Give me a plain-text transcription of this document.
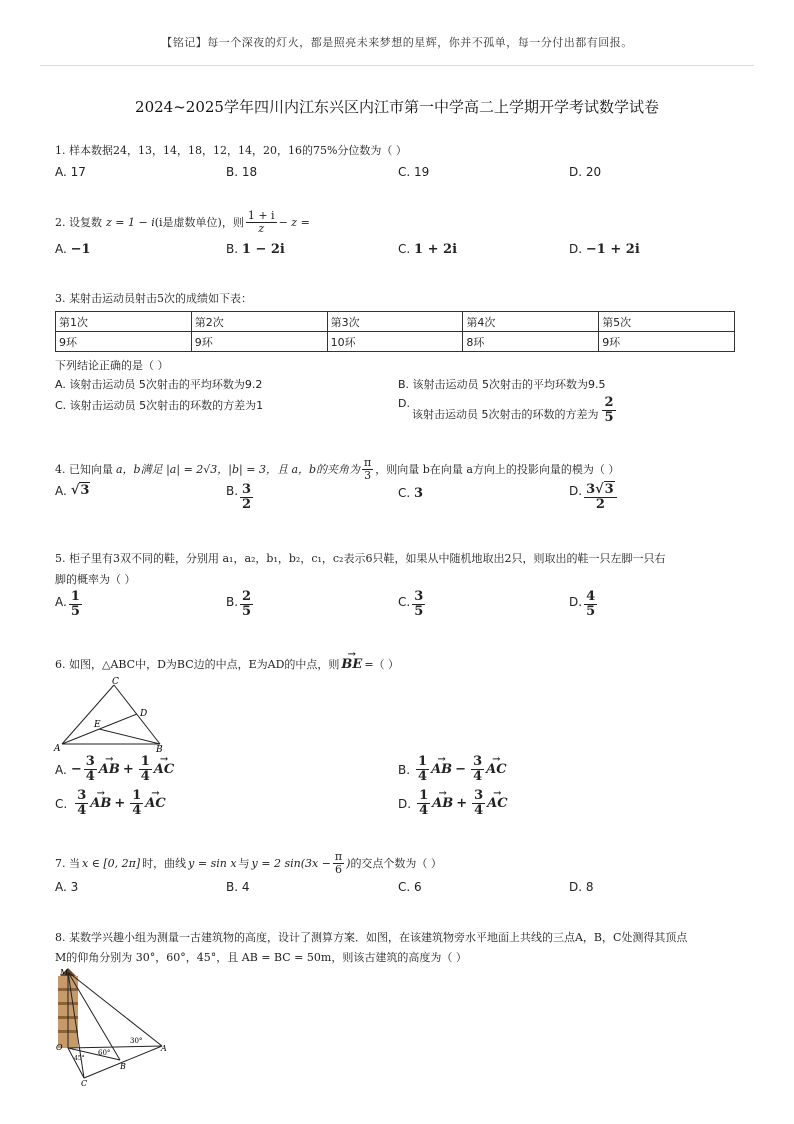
【铭记】每一个深夜的灯火，都是照亮未来梦想的星辉，你并不孤单，每一分付出都有回报。
2024~2025学年四川内江东兴区内江市第一中学高二上学期开学考试数学试卷
1. 样本数据24，13，14，18，12，14，20，16的75%分位数为（ ）
A. 17	B. 18	C. 19	D. 20
2. 设复数 z = 1 − i (i是虚数单位)，则 $\frac{1 + i}{z} - z$ =
A. −1	B. 1 − 2i	C. 1 + 2i	D. −1 + 2i
3. 某射击运动员射击5次的成绩如下表：
第1次	第2次	第3次	第4次	第5次
9环	9环	10环	8环	9环
下列结论正确的是（ ）
A. 该射击运动员 5次射击的平均环数为9.2	B. 该射击运动员 5次射击的平均环数为9.5
C. 该射击运动员 5次射击的环数的方差为1	D.
该射击运动员 5次射击的环数的方差为 $\frac{2}{5}$
4. 已知向量 a，b满足 |a| = 2√3，|b| = 3，且 a，b的夹角为 $\frac{\pi}{3}$ ，则向量 b在向量 a方向上的投影向量的模为（ ）
A. √3	B. $\frac{3}{2}$	C. 3	D. $\frac{3√3}{2}$
5. 柜子里有3双不同的鞋，分别用 a₁，a₂，b₁，b₂，c₁，c₂表示6只鞋，如果从中随机地取出2只，则取出的鞋一只左脚一只右
脚的概率为（ ）
A. $\frac{1}{5}$	B. $\frac{2}{5}$	C. $\frac{3}{5}$	D. $\frac{4}{5}$
6. 如图，△ABC中，D为BC边的中点，E为AD的中点，则 → BE =（ ）
C
D
E
A	B
A. − $\frac{3}{4}$ → AB + $\frac{1}{4}$ → AC	B. $\frac{1}{4}$ → AB − $\frac{3}{4}$ → AC
C. $\frac{3}{4}$ → AB + $\frac{1}{4}$ → AC	D. $\frac{1}{4}$ → AB + $\frac{3}{4}$ → AC
7. 当 x ∈ [0, 2π] 时，曲线 y = sin x 与 y = 2 $\sin(3x - \frac{\pi}{6}$ ) 的交点个数为（ ）
A. 3	B. 4	C. 6	D. 8
8. 某数学兴趣小组为测量一古建筑物的高度，设计了测算方案．如图，在该建筑物旁水平地面上共线的三点A，B，C处测得其顶点
M的仰角分别为 30°，60°，45°，且 AB = BC = 50m，则该古建筑的高度为（ ）
M
O	A
B
C
30°
60°
45°
